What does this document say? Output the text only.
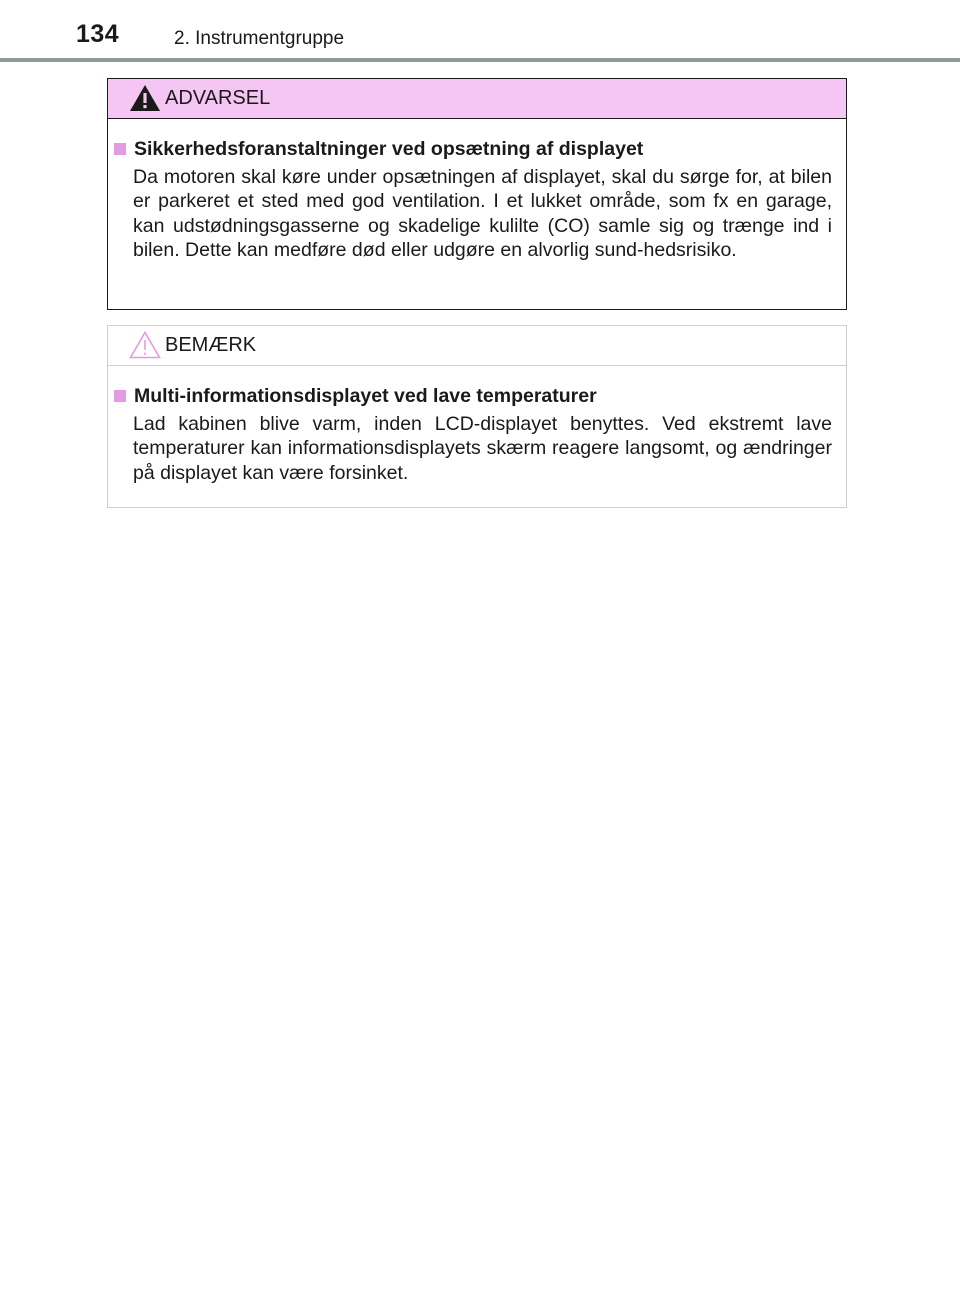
134	2. Instrumentgruppe
ADVARSEL
Sikkerhedsforanstaltninger ved opsætning af displayet
Da motoren skal køre under opsætningen af displayet, skal du sørge for, at bilen er parkeret et sted med god ventilation. I et lukket område, som fx en garage, kan udstødningsgasserne og skadelige kulilte (CO) samle sig og trænge ind i bilen. Dette kan medføre død eller udgøre en alvorlig sund-hedsrisiko.
BEMÆRK
Multi-informationsdisplayet ved lave temperaturer
Lad kabinen blive varm, inden LCD-displayet benyttes. Ved ekstremt lave temperaturer kan informationsdisplayets skærm reagere langsomt, og ændringer på displayet kan være forsinket.
